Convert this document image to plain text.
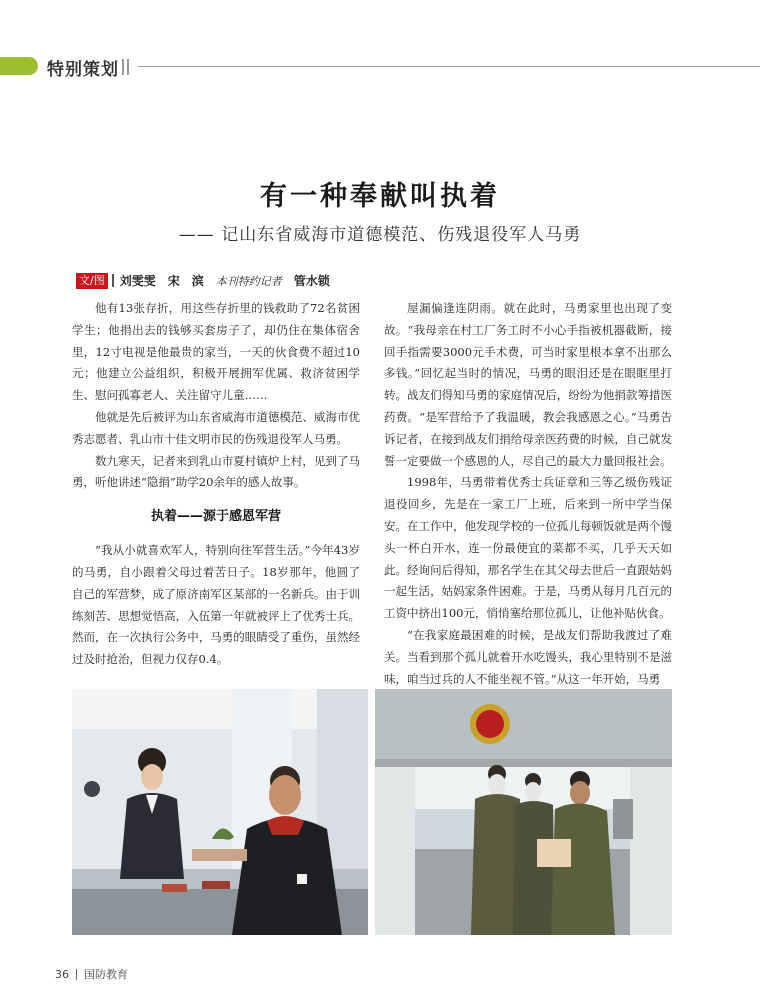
特别策划
有一种奉献叫执着
—— 记山东省威海市道德模范、伤残退役军人马勇
文/图 刘雯雯 宋　滨 本刊特约记者 管水锁

他有13张存折，用这些存折里的钱救助了72名贫困学生；他捐出去的钱够买套房子了，却仍住在集体宿舍里，12寸电视是他最贵的家当，一天的伙食费不超过10元；他建立公益组织，积极开展拥军优属、救济贫困学生、慰问孤寡老人、关注留守儿童……

他就是先后被评为山东省威海市道德模范、威海市优秀志愿者、乳山市十佳文明市民的伤残退役军人马勇。

数九寒天，记者来到乳山市夏村镇炉上村，见到了马勇，听他讲述“隐捐”助学20余年的感人故事。

执着——源于感恩军营

“我从小就喜欢军人，特别向往军营生活。”今年43岁的马勇，自小跟着父母过着苦日子。18岁那年，他圆了自己的军营梦，成了原济南军区某部的一名新兵。由于训练刻苦、思想觉悟高，入伍第一年就被评上了优秀士兵。然而，在一次执行公务中，马勇的眼睛受了重伤，虽然经过及时抢治，但视力仅存0.4。

屋漏偏逢连阴雨。就在此时，马勇家里也出现了变故。“我母亲在村工厂务工时不小心手指被机器截断，接回手指需要3000元手术费，可当时家里根本拿不出那么多钱。”回忆起当时的情况，马勇的眼泪还是在眼眶里打转。战友们得知马勇的家庭情况后，纷纷为他捐款筹措医药费。“是军营给予了我温暖，教会我感恩之心。”马勇告诉记者，在接到战友们捐给母亲医药费的时候，自己就发誓一定要做一个感恩的人，尽自己的最大力量回报社会。

1998年，马勇带着优秀士兵证章和三等乙级伤残证退役回乡，先是在一家工厂上班，后来到一所中学当保安。在工作中，他发现学校的一位孤儿每顿饭就是两个馒头一杯白开水，连一份最便宜的菜都不买，几乎天天如此。经询问后得知，那名学生在其父母去世后一直跟姑妈一起生活，姑妈家条件困难。于是，马勇从每月几百元的工资中挤出100元，悄悄塞给那位孤儿，让他补贴伙食。

“在我家庭最困难的时候，是战友们帮助我渡过了难关。当看到那个孤儿就着开水吃馒头，我心里特别不是滋味，咱当过兵的人不能坐视不管。”从这一年开始，马勇

36 国防教育
